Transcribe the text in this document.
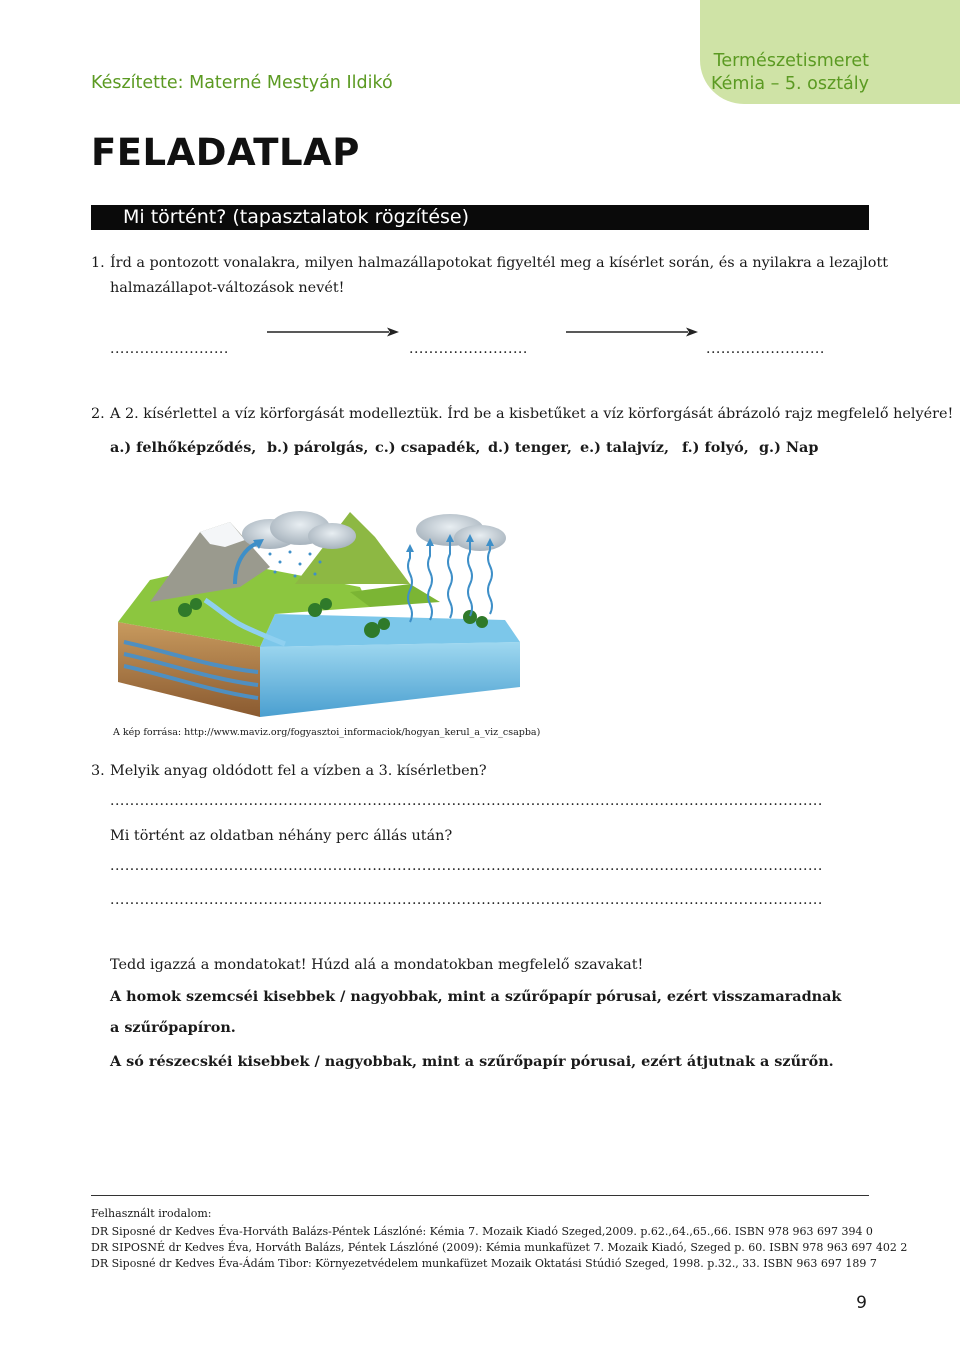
Természetismeret
Kémia – 5. osztály
Készítette: Materné Mestyán Ildikó
FELADATLAP
Mi történt? (tapasztalatok rögzítése)
1. Írd a pontozott vonalakra, milyen halmazállapotokat figyeltél meg a kísérlet során, és a nyilakra a lezajlott
halmazállapot-változások nevét!
........................	........................	........................
2. A 2. kísérlettel a víz körforgását modelleztük. Írd be a kisbetűket a víz körforgását ábrázoló rajz megfelelő helyére!
a.) felhőképződés, b.) párolgás, c.) csapadék, d.) tenger, e.) talajvíz, f.) folyó, g.) Nap
A kép forrása: http://www.maviz.org/fogyasztoi_informaciok/hogyan_kerul_a_viz_csapba)
3. Melyik anyag oldódott fel a vízben a 3. kísérletben?
................................................................................................................................................
Mi történt az oldatban néhány perc állás után?
................................................................................................................................................
................................................................................................................................................
Tedd igazzá a mondatokat! Húzd alá a mondatokban megfelelő szavakat!
A homok szemcséi kisebbek / nagyobbak, mint a szűrőpapír pórusai, ezért visszamaradnak
a szűrőpapíron.
A só részecskéi kisebbek / nagyobbak, mint a szűrőpapír pórusai, ezért átjutnak a szűrőn.
Felhasznált irodalom:
DR Siposné dr Kedves Éva-Horváth Balázs-Péntek Lászlóné: Kémia 7. Mozaik Kiadó Szeged,2009. p.62.,64.,65.,66. ISBN 978 963 697 394 0
DR SIPOSNÉ dr Kedves Éva, Horváth Balázs, Péntek Lászlóné (2009): Kémia munkafüzet 7. Mozaik Kiadó, Szeged p. 60. ISBN 978 963 697 402 2
DR Siposné dr Kedves Éva-Ádám Tibor: Környezetvédelem munkafüzet Mozaik Oktatási Stúdió Szeged, 1998. p.32., 33. ISBN 963 697 189 7
9
